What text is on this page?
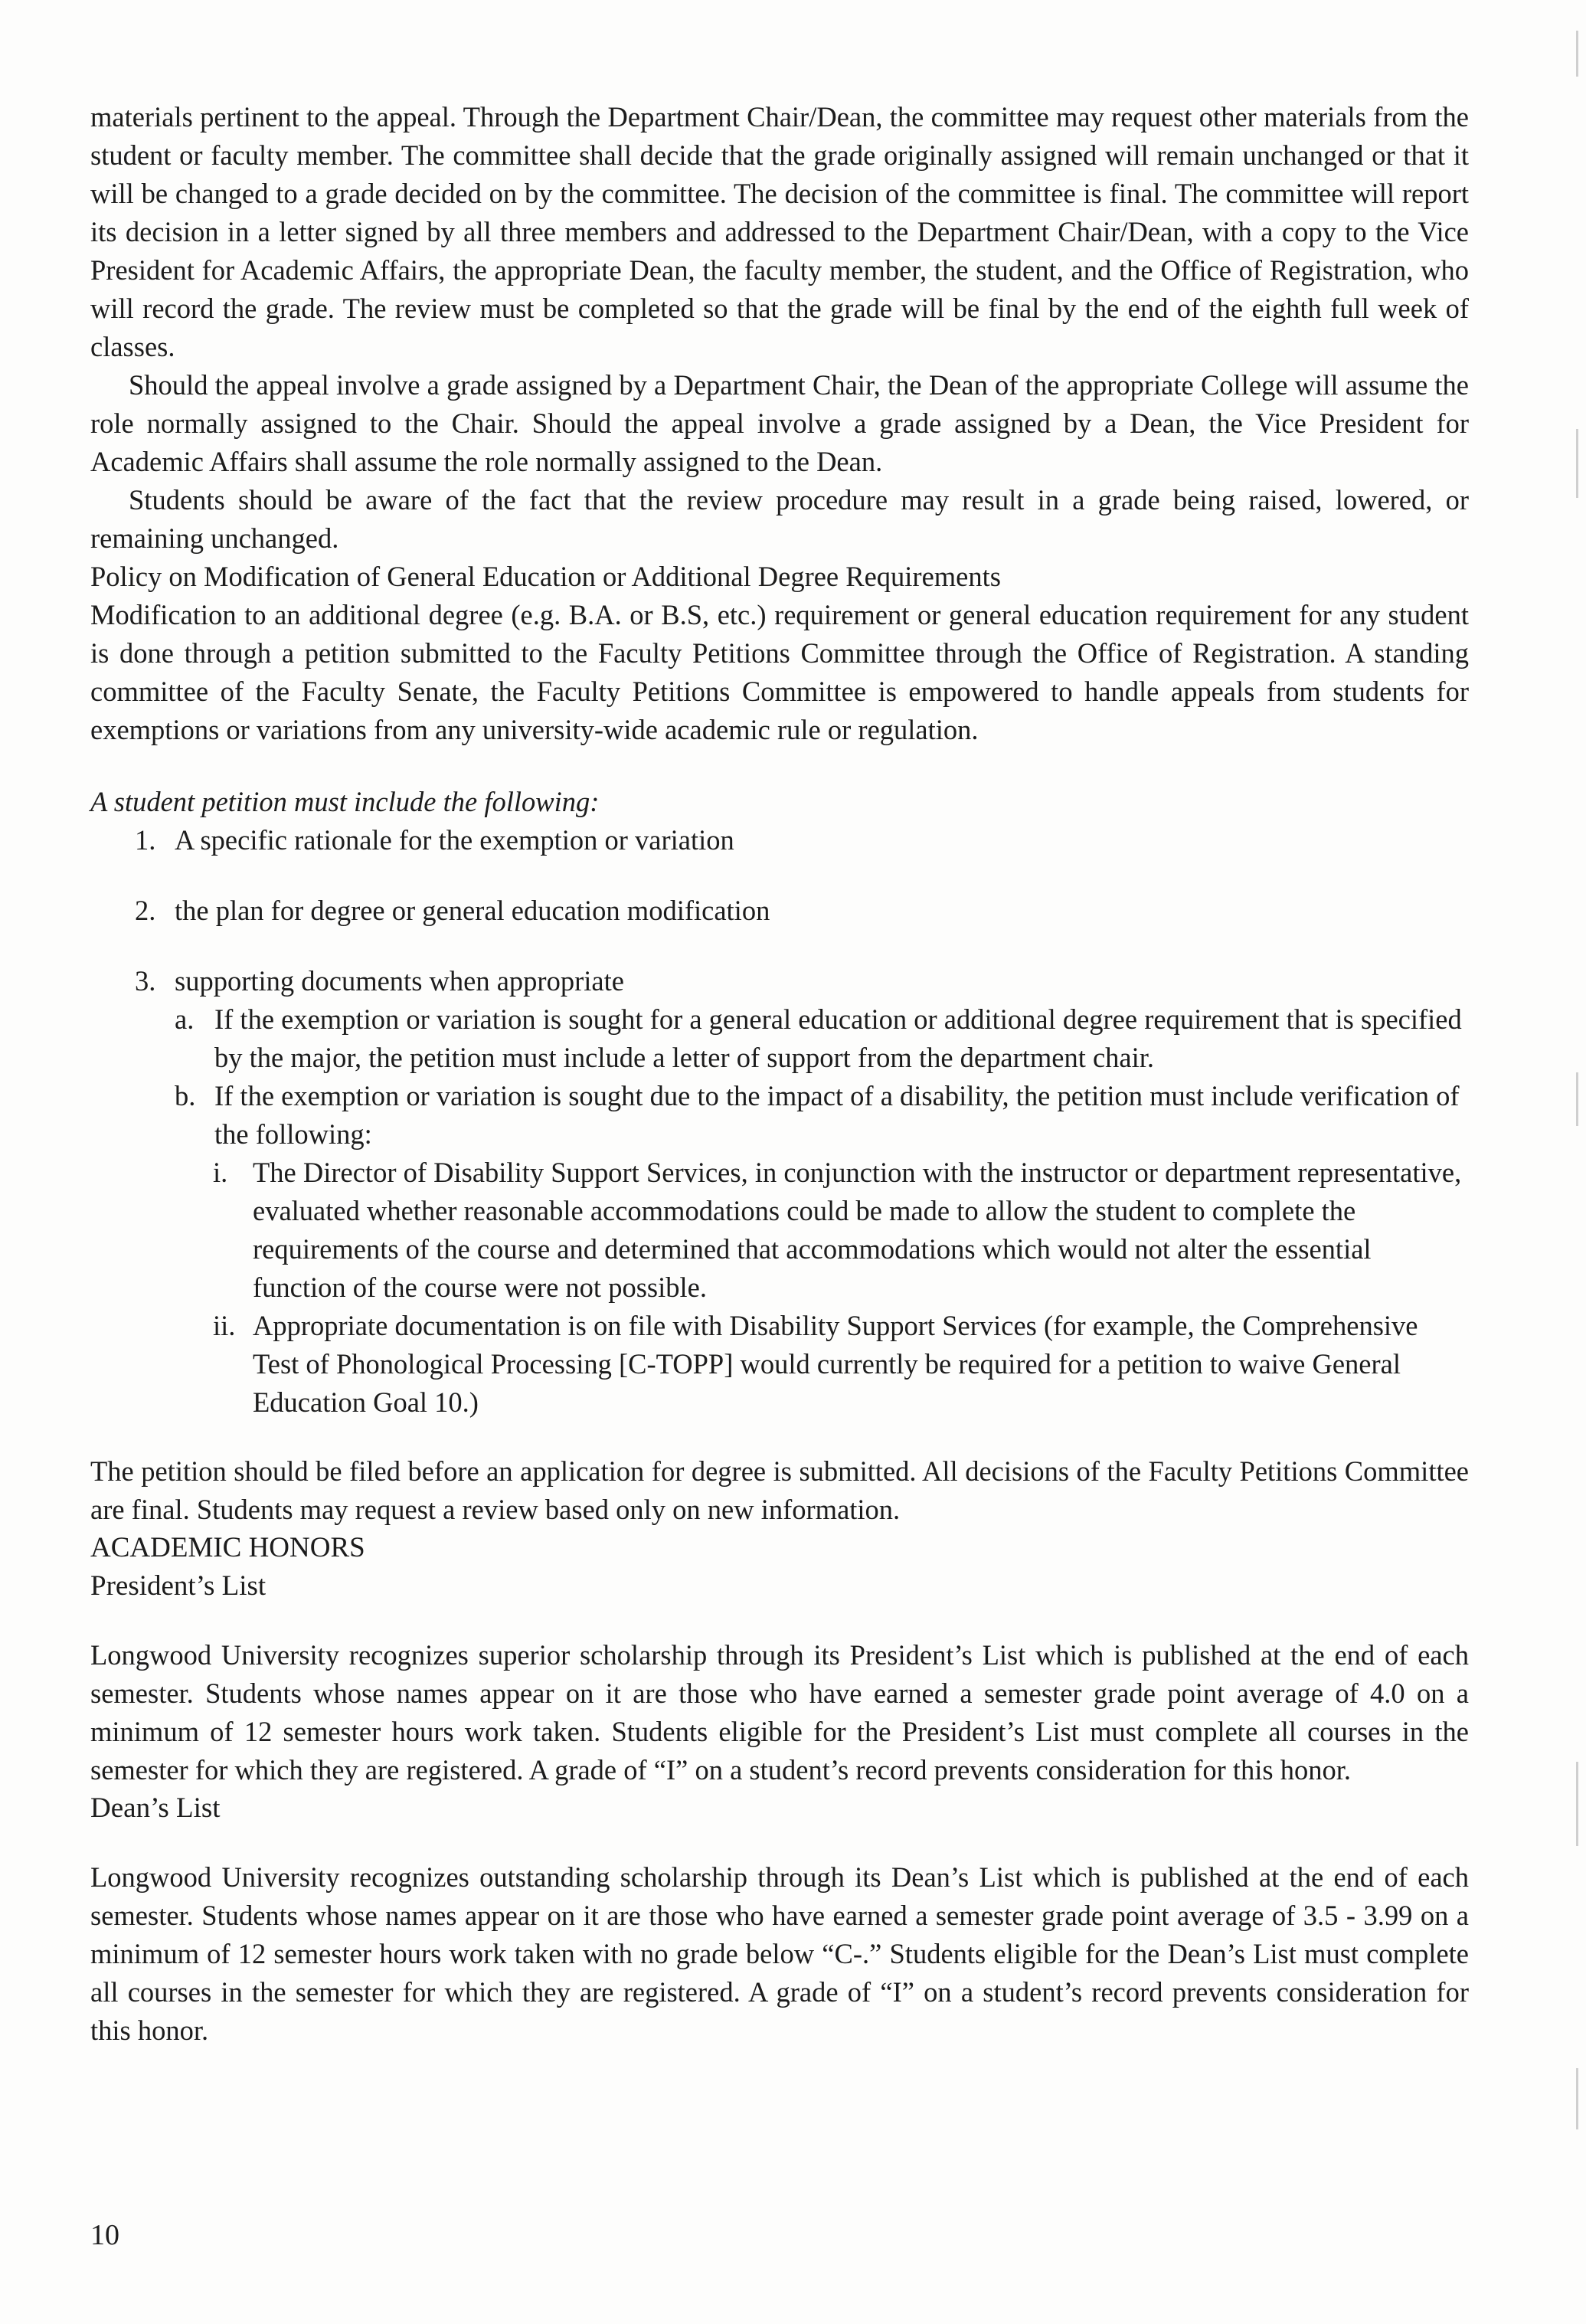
materials pertinent to the appeal. Through the Department Chair/Dean, the committee may request other materials from the student or faculty member. The committee shall decide that the grade originally assigned will remain unchanged or that it will be changed to a grade decided on by the committee. The decision of the committee is final. The committee will report its decision in a letter signed by all three members and addressed to the Department Chair/Dean, with a copy to the Vice President for Academic Affairs, the appropriate Dean, the faculty member, the student, and the Office of Registration, who will record the grade. The review must be completed so that the grade will be final by the end of the eighth full week of classes.

Should the appeal involve a grade assigned by a Department Chair, the Dean of the appropriate College will assume the role normally assigned to the Chair. Should the appeal involve a grade assigned by a Dean, the Vice President for Academic Affairs shall assume the role normally assigned to the Dean.

Students should be aware of the fact that the review procedure may result in a grade being raised, lowered, or remaining unchanged.

Policy on Modification of General Education or Additional Degree Requirements

Modification to an additional degree (e.g. B.A. or B.S, etc.) requirement or general education requirement for any student is done through a petition submitted to the Faculty Petitions Committee through the Office of Registration. A standing committee of the Faculty Senate, the Faculty Petitions Committee is empowered to handle appeals from students for exemptions or variations from any university-wide academic rule or regulation.

A student petition must include the following:

1. A specific rationale for the exemption or variation
2. the plan for degree or general education modification
3. supporting documents when appropriate
a. If the exemption or variation is sought for a general education or additional degree requirement that is specified by the major, the petition must include a letter of support from the department chair.
b. If the exemption or variation is sought due to the impact of a disability, the petition must include verification of the following:
i. The Director of Disability Support Services, in conjunction with the instructor or department representative, evaluated whether reasonable accommodations could be made to allow the student to complete the requirements of the course and determined that accommodations which would not alter the essential function of the course were not possible.
ii. Appropriate documentation is on file with Disability Support Services (for example, the Comprehensive Test of Phonological Processing [C-TOPP] would currently be required for a petition to waive General Education Goal 10.)

The petition should be filed before an application for degree is submitted. All decisions of the Faculty Petitions Committee are final. Students may request a review based only on new information.

ACADEMIC HONORS
President’s List

Longwood University recognizes superior scholarship through its President’s List which is published at the end of each semester. Students whose names appear on it are those who have earned a semester grade point average of 4.0 on a minimum of 12 semester hours work taken. Students eligible for the President’s List must complete all courses in the semester for which they are registered. A grade of “I” on a student’s record prevents consideration for this honor.

Dean’s List

Longwood University recognizes outstanding scholarship through its Dean’s List which is published at the end of each semester. Students whose names appear on it are those who have earned a semester grade point average of 3.5 - 3.99 on a minimum of 12 semester hours work taken with no grade below “C-.” Students eligible for the Dean’s List must complete all courses in the semester for which they are registered. A grade of “I” on a student’s record prevents consideration for this honor.

10
